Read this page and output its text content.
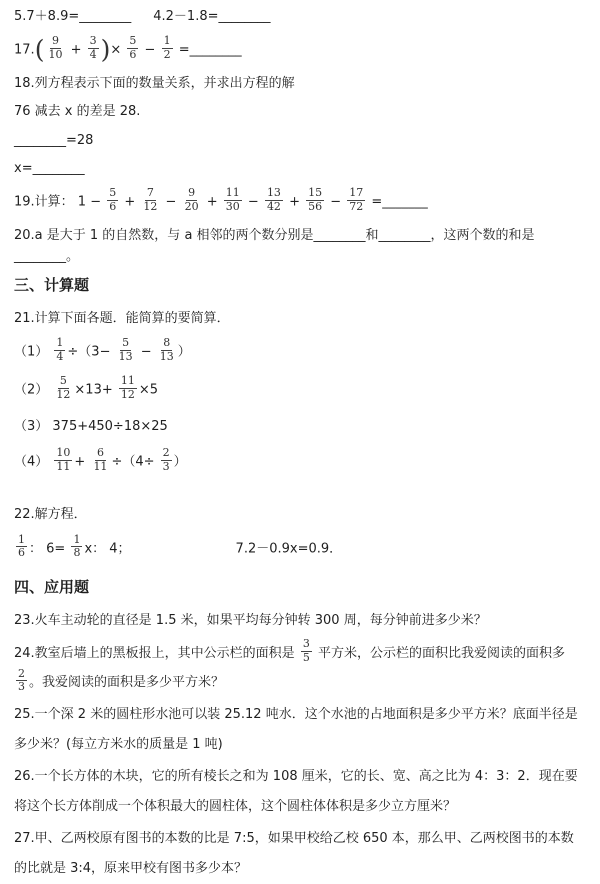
5.7＋8.9=________ 4.2－1.8=________
$17.( \frac{9}{10} + \frac{3}{4}$ )× $\frac{5}{6} - \frac{1}{2}$ =________
18.列方程表示下面的数量关系，并求出方程的解
76 减去 x 的差是 28.
________=28
x=________
19.计算： $1 - \frac{5}{6} + \frac{7}{12} - \frac{9}{20} + \frac{11}{30} - \frac{13}{42} + \frac{15}{56} - \frac{17}{72}$ =_______
20.a 是大于 1 的自然数，与 a 相邻的两个数分别是________和________，这两个数的和是________。
三、计算题
21.计算下面各题．能简算的要简算．
$(1) \frac{1}{4} \div(3- \frac{5}{13} - \frac{8}{13}$ ）
$(2) \frac{5}{12} \times 13+ \frac{11}{12} \times 5$
（3） 375+450÷18×25
$(4) \frac{10}{11} + \frac{6}{11} \div(4\div \frac{2}{3}$ ）
22.解方程．
$\frac{1}{6}$ ： $6= \frac{1}{8}$ x： 4；	7.2－0.9x=0.9．
四、应用题
23.火车主动轮的直径是 1.5 米，如果平均每分钟转 300 周，每分钟前进多少米？
24.教室后墙上的黑板报上，其中公示栏的面积是 $\frac{3}{5}$ 平方米，公示栏的面积比我爱阅读的面积多
$\frac{2}{3}$ 。我爱阅读的面积是多少平方米？
25.一个深 2 米的圆柱形水池可以装 25.12 吨水．这个水池的占地面积是多少平方米？底面半径是多少米？(每立方米水的质量是 1 吨)
26.一个长方体的木块，它的所有棱长之和为 108 厘米，它的长、宽、高之比为 4：3：2．现在要将这个长方体削成一个体积最大的圆柱体，这个圆柱体体积是多少立方厘米？
27.甲、乙两校原有图书的本数的比是 7:5，如果甲校给乙校 650 本，那么甲、乙两校图书的本数的比就是 3:4，原来甲校有图书多少本？
